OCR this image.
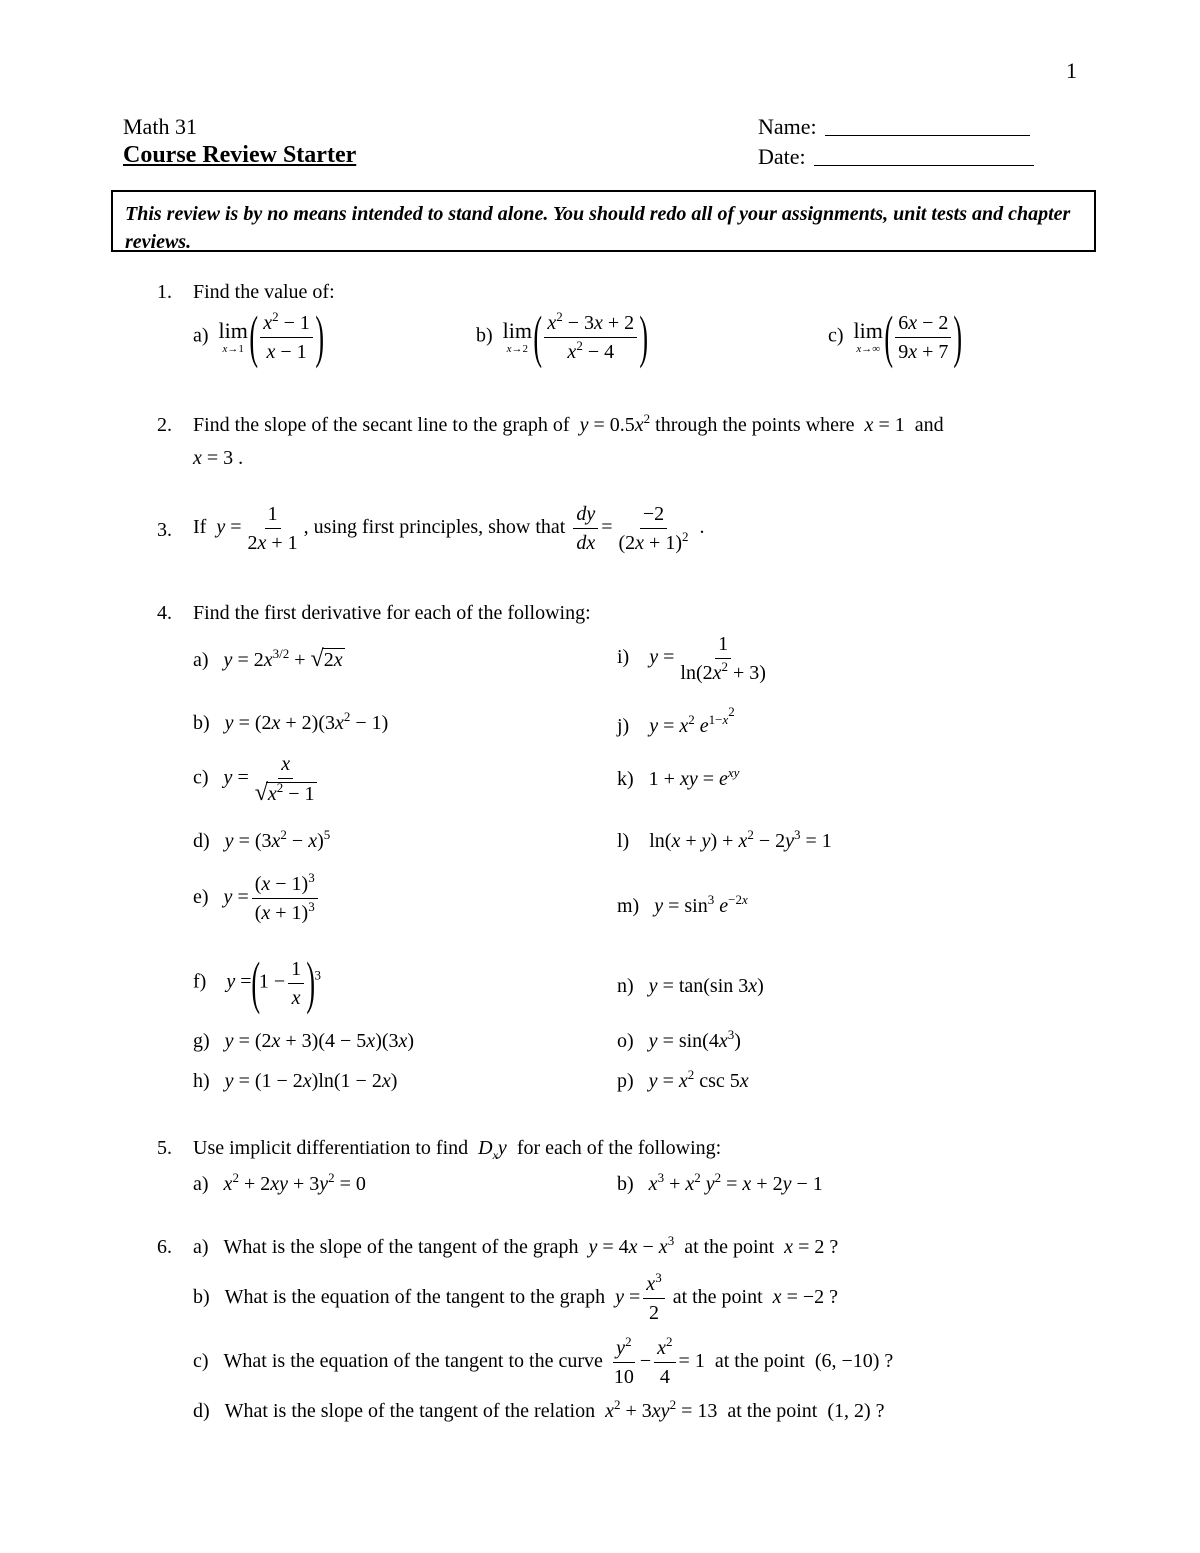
1
Math 31
Course Review Starter
Name:
Date:
This review is by no means intended to stand alone. You should redo all of your assignments, unit tests and chapter reviews.
1. Find the value of:
a) lim
x→1 ( $\frac{x^2 - 1}{x - 1}$ )	b) lim
x→2 ( $\frac{x^2 - 3x + 2}{x^2 - 4}$ )	c) lim
x→∞ ( $\frac{6x - 2}{9x + 7}$ )
2. Find the slope of the secant line to the graph of $y = 0.5x^2$ through the points where x = 1  and
x = 3 .
3. If $y = \frac{1}{2x + 1}$ , using first principles, show that $\frac{dy}{dx} = \frac{-2}{(2x + 1)^2}$ .
4. Find the first derivative for each of the following:
a)   $y = 2x^{3/2} + √2x$
b)   $y = (2x + 2)(3x^2 - 1)$
c)   $y = \frac{x}{√x^2 - 1}$
d)   $y = (3x^2 - x)^5$
e)   $y = \frac{(x - 1)^3}{(x + 1)^3}$
f)    $y =(1 - \frac{1}{x} )^3$
g)   y = (2x + 3)(4 − 5x)(3x)
h)   y = (1 − 2x)ln(1 − 2x)
i)    $y = \frac{1}{\ln(2x^2 + 3)}$
j)    $y = x^2$ $e^{1-x^2}$
k)   1 + xy = $e^{xy}$
l)    $\ln(x + y) + x^2 - 2y^3 = 1$
m)   $y = \sin^3 e^{-2x}$
n)   y = tan(sin 3x)
o)   $y = \sin(4x^3)$
p)   $y = x^2$ csc 5x
5. Use implicit differentiation to find $D_xy$ for each of the following:
a)   $x^2 + 2xy + 3y^2 = 0$	b)   $x^3 + x^2$ $y^2 = x + 2y - 1$
6. a)   What is the slope of the tangent of the graph $y = 4x - x^3$ at the point x = 2 ?
b)   What is the equation of the tangent to the graph $y = \frac{x^3}{2}$ at the point x = −2 ?
c)   What is the equation of the tangent to the curve $\frac{y^2}{10} - \frac{x^2}{4} = 1$  at the point  (6, −10) ?
d)   What is the slope of the tangent of the relation $x^2 + 3xy^2 = 13$  at the point  (1, 2) ?
